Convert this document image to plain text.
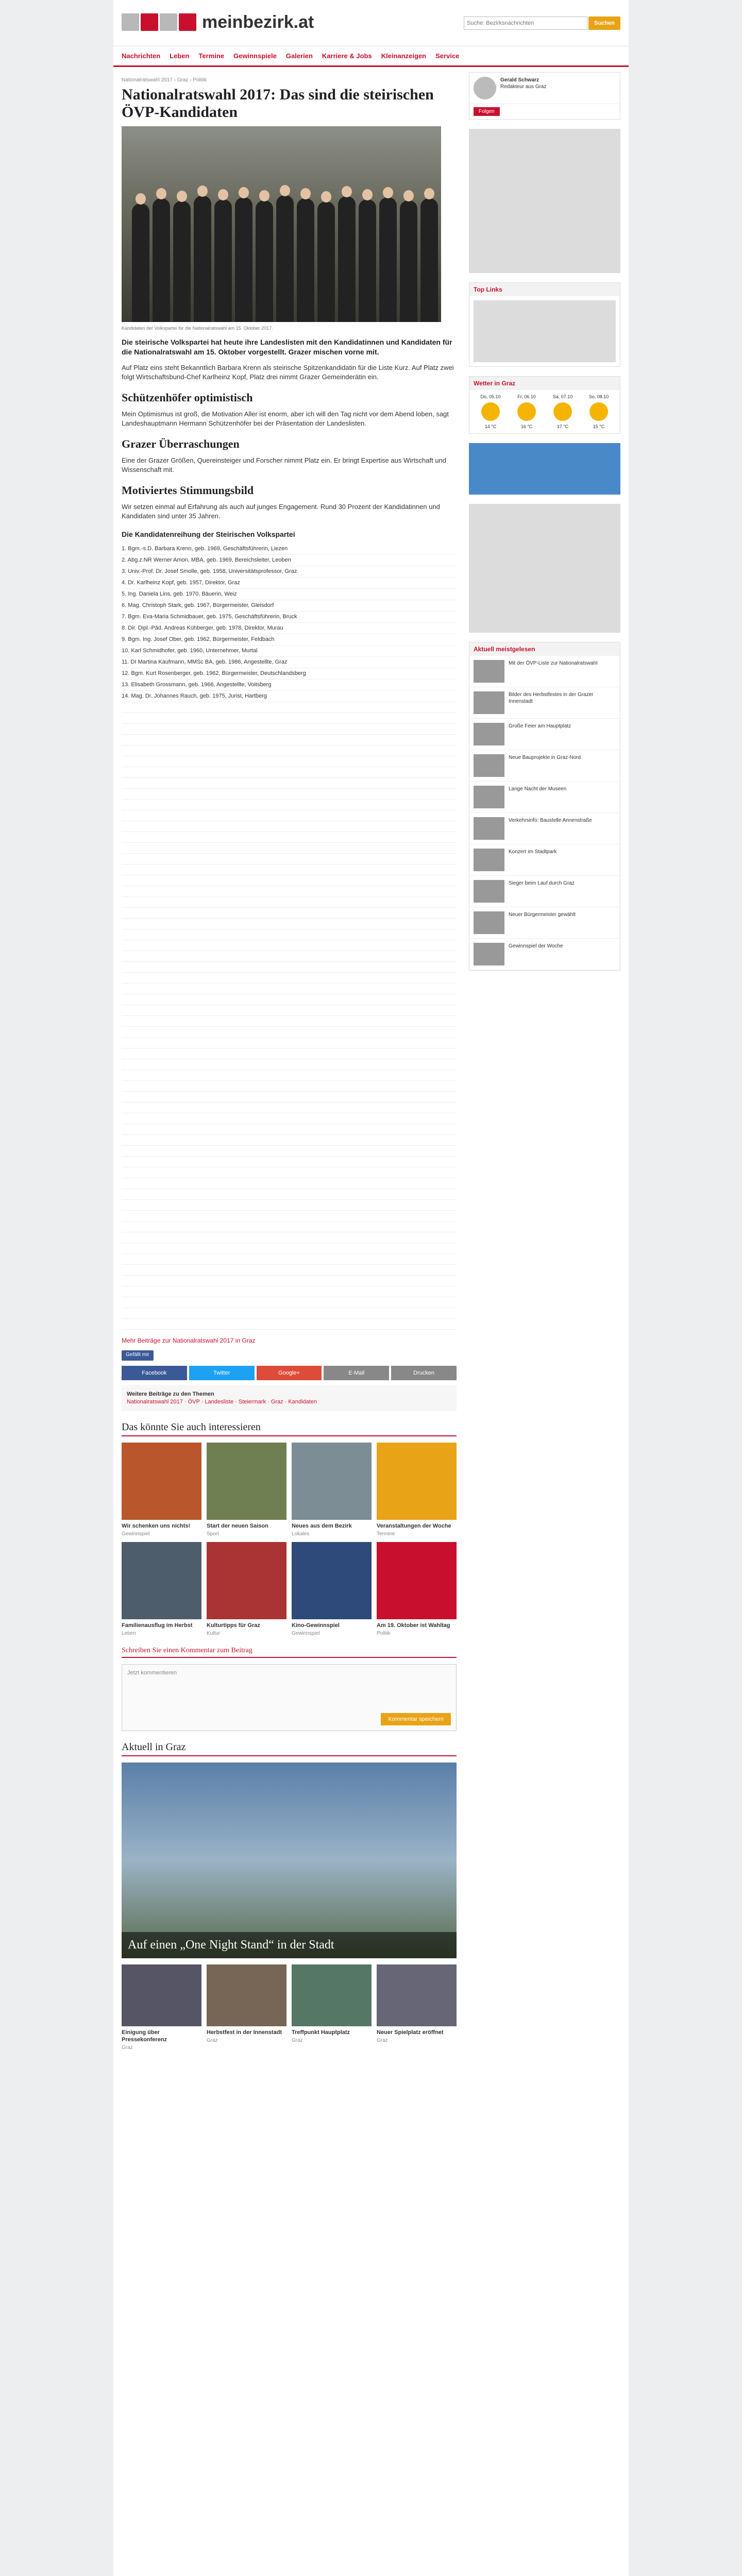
meinbezirk.at
Suche: Bezirksnachrichten	Suchen
Nachrichten Leben Termine Gewinnspiele Galerien Karriere & Jobs Kleinanzeigen Service
Nationalratswahl 2017 › Graz › Politik
Nationalratswahl 2017: Das sind die steirischen ÖVP-Kandidaten
Kandidaten der Volkspartei für die Nationalratswahl am 15. Oktober 2017.
Die steirische Volkspartei hat heute ihre Landeslisten mit den Kandidatinnen und Kandidaten für die Nationalratswahl am 15. Oktober vorgestellt. Grazer mischen vorne mit.

Auf Platz eins steht Bekanntlich Barbara Krenn als steirische Spitzenkandidatin für die Liste Kurz. Auf Platz zwei folgt Wirtschaftsbund-Chef Karlheinz Kopf, Platz drei nimmt Grazer Gemeinderätin ein.

Schützenhöfer optimistisch

Mein Optimismus ist groß, die Motivation Aller ist enorm, aber ich will den Tag nicht vor dem Abend loben, sagt Landeshauptmann Hermann Schützenhöfer bei der Präsentation der Landeslisten.

Grazer Überraschungen

Eine der Grazer Größen, Quereinsteiger und Forscher nimmt Platz ein. Er bringt Expertise aus Wirtschaft und Wissenschaft mit.

Motiviertes Stimmungsbild

Wir setzen einmal auf Erfahrung als auch auf junges Engagement. Rund 30 Prozent der Kandidatinnen und Kandidaten sind unter 35 Jahren.

Die Kandidatenreihung der Steirischen Volkspartei
1. Bgm.-s.D. Barbara Krenn, geb. 1969, Geschäftsführerin, Liezen
2. Abg.z.NR Werner Amon, MBA, geb. 1969, Bereichsleiter, Leoben
3. Univ.-Prof. Dr. Josef Smolle, geb. 1958, Universitätsprofessor, Graz
4. Dr. Karlheinz Kopf, geb. 1957, Direktor, Graz
5. Ing. Daniela Lins, geb. 1970, Bäuerin, Weiz
6. Mag. Christoph Stark, geb. 1967, Bürgermeister, Gleisdorf
7. Bgm. Eva-Maria Schmidbauer, geb. 1975, Geschäftsführerin, Bruck
8. Dir. Dipl.-Päd. Andreas Kühberger, geb. 1978, Direktor, Murau
9. Bgm. Ing. Josef Ober, geb. 1962, Bürgermeister, Feldbach
10. Karl Schmidhofer, geb. 1960, Unternehmer, Murtal
11. DI Martina Kaufmann, MMSc BA, geb. 1986, Angestellte, Graz
12. Bgm. Kurt Rosenberger, geb. 1962, Bürgermeister, Deutschlandsberg
13. Elisabeth Grossmann, geb. 1966, Angestellte, Voitsberg
14. Mag. Dr. Johannes Rauch, geb. 1975, Jurist, Hartberg
Mehr Beiträge zur Nationalratswahl 2017 in Graz
Gefällt mir
Facebook	Twitter	Google+	E-Mail	Drucken
Weitere Beiträge zu den Themen
Nationalratswahl 2017 · ÖVP · Landesliste · Steiermark · Graz · Kandidaten
Das könnte Sie auch interessieren
Wir schenken uns nichts!
Gewinnspiel
Start der neuen Saison
Sport
Neues aus dem Bezirk
Lokales
Veranstaltungen der Woche
Termine
Familienausflug im Herbst
Leben
Kulturtipps für Graz
Kultur
Kino-Gewinnspiel
Gewinnspiel
Am 19. Oktober ist Wahltag
Politik
Schreiben Sie einen Kommentar zum Beitrag
Jetzt kommentieren
Kommentar speichern
Aktuell in Graz
Auf einen „One Night Stand“ in der Stadt
Einigung über Pressekonferenz
Graz
Herbstfest in der Innenstadt
Graz
Treffpunkt Hauptplatz
Graz
Neuer Spielplatz eröffnet
Graz
Gerald Schwarz
Redakteur aus Graz
Folgen
Top Links
Wetter in Graz
Do, 05.10
14 °C
Fr, 06.10
16 °C
Sa, 07.10
17 °C
So, 08.10
15 °C
Aktuell meistgelesen
Mit der ÖVP-Liste zur Nationalratswahl
Bilder des Herbstfestes in der Grazer Innenstadt
Große Feier am Hauptplatz
Neue Bauprojekte in Graz-Nord
Lange Nacht der Museen
Verkehrsinfo: Baustelle Annenstraße
Konzert im Stadtpark
Sieger beim Lauf durch Graz
Neuer Bürgermeister gewählt
Gewinnspiel der Woche
